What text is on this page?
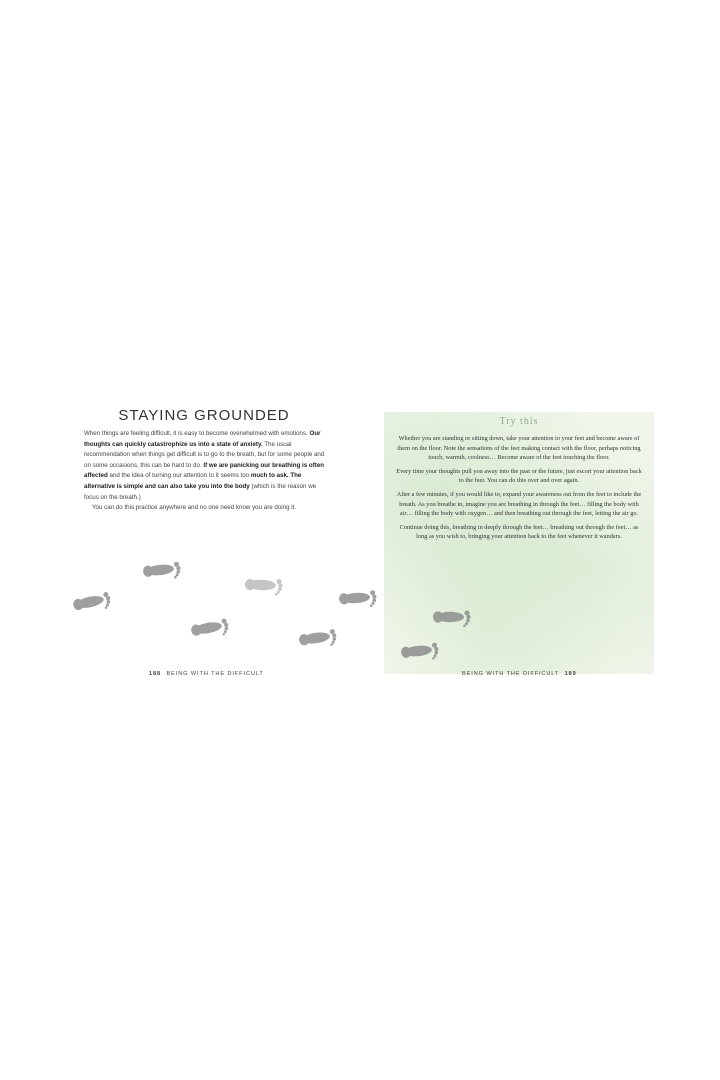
STAYING GROUNDED

When things are feeling difficult, it is easy to become overwhelmed with emotions. Our thoughts can quickly catastrophize us into a state of anxiety. The usual recommendation when things get difficult is to go to the breath, but for some people and on some occasions, this can be hard to do. If we are panicking our breathing is often affected and the idea of turning our attention to it seems too much to ask. The alternative is simple and can also take you into the body (which is the reason we focus on the breath.)

You can do this practice anywhere and no one need know you are doing it.

Try this

Whether you are standing or sitting down, take your attention to your feet and become aware of them on the floor. Note the sensations of the feet making contact with the floor, perhaps noticing touch, warmth, coolness… Become aware of the feet touching the floor.

Every time your thoughts pull you away into the past or the future, just escort your attention back to the feet. You can do this over and over again.

After a few minutes, if you would like to, expand your awareness out from the feet to include the breath. As you breathe in, imagine you are breathing in through the feet… filling the body with air… filling the body with oxygen… and then breathing out through the feet, letting the air go.

Continue doing this, breathing in deeply through the feet… breathing out through the feet… as long as you wish to, bringing your attention back to the feet whenever it wanders.

188 BEING WITH THE DIFFICULT	BEING WITH THE DIFFICULT 189
